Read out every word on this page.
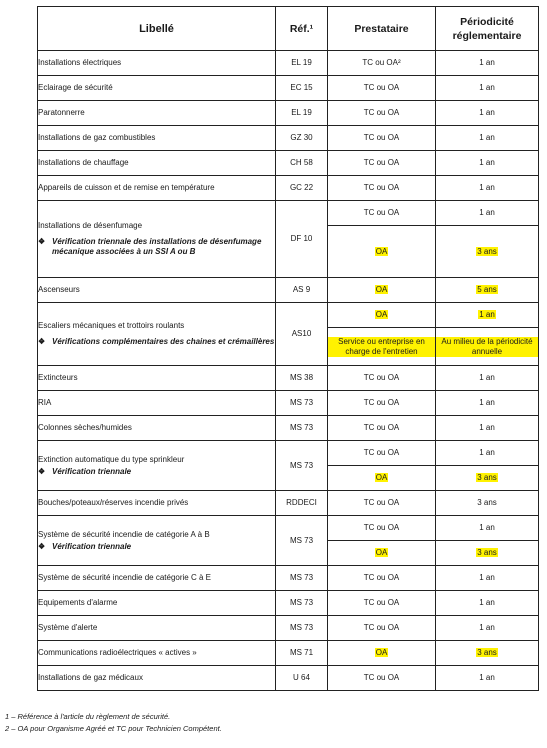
Libellé	Réf.¹	Prestataire	Périodicité
réglementaire
Installations électriques	EL 19	TC ou OA²	1 an
Eclairage de sécurité	EC 15	TC ou OA	1 an
Paratonnerre	EL 19	TC ou OA	1 an
Installations de gaz combustibles	GZ 30	TC ou OA	1 an
Installations de chauffage	CH 58	TC ou OA	1 an
Appareils de cuisson et de remise en température	GC 22	TC ou OA	1 an
Installations de désenfumage
❖ Vérification triennale des installations de désenfumage mécanique associées à un SSI A ou B	DF 10	TC ou OA	1 an
		OA	3 ans
Ascenseurs	AS 9	OA	5 ans
Escaliers mécaniques et trottoirs roulants
❖ Vérifications complémentaires des chaines et crémaillères	AS10	OA	1 an
		Service ou entreprise en charge de l'entretien	Au milieu de la périodicité annuelle
Extincteurs	MS 38	TC ou OA	1 an
RIA	MS 73	TC ou OA	1 an
Colonnes sèches/humides	MS 73	TC ou OA	1 an
Extinction automatique du type sprinkleur
❖ Vérification triennale	MS 73	TC ou OA	1 an
		OA	3 ans
Bouches/poteaux/réserves incendie privés	RDDECI	TC ou OA	3 ans
Système de sécurité incendie de catégorie A à B
❖ Vérification triennale	MS 73	TC ou OA	1 an
		OA	3 ans
Système de sécurité incendie de catégorie C à E	MS 73	TC ou OA	1 an
Equipements d'alarme	MS 73	TC ou OA	1 an
Système d'alerte	MS 73	TC ou OA	1 an
Communications radioélectriques « actives »	MS 71	OA	3 ans
Installations de gaz médicaux	U 64	TC ou OA	1 an
1 – Référence à l'article du règlement de sécurité.
2 – OA pour Organisme Agréé et TC pour Technicien Compétent.
